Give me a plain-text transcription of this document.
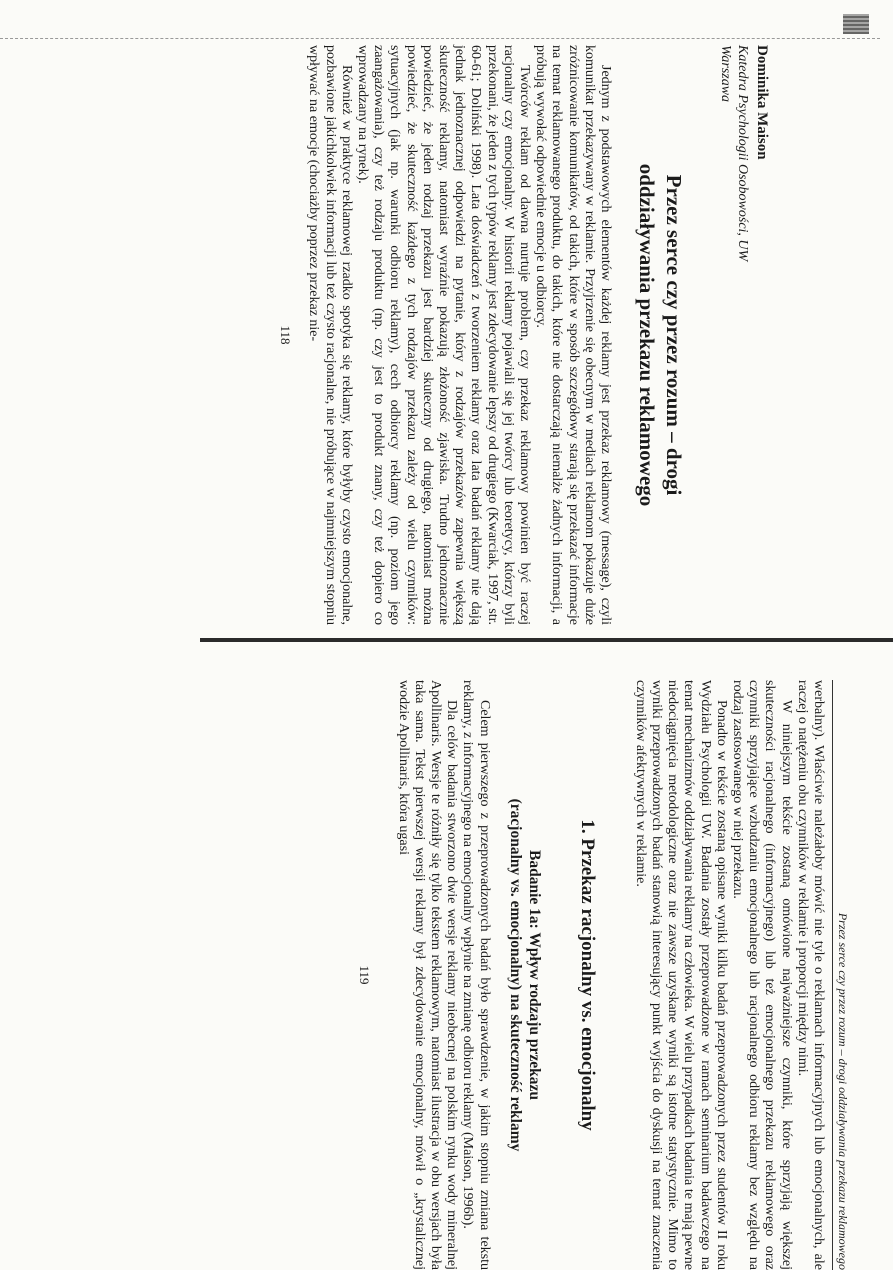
Dominika Maison

Katedra Psychologii Osobowości, UW
Warszawa

Przez serce czy przez rozum – drogi
oddziaływania przekazu reklamowego

Jednym z podstawowych elementów każdej reklamy jest przekaz reklamowy (message), czyli komunikat przekazywany w reklamie. Przyjrzenie się obecnym w mediach reklamom pokazuje duże zróżnicowanie komunikatów, od takich, które w sposób szczegółowy starają się przekazać informacje na temat reklamowanego produktu, do takich, które nie dostarczają niemalże żadnych informacji, a próbują wywołać odpowiednie emocje u odbiorcy.

Twórców reklam od dawna nurtuje problem, czy przekaz reklamowy powinien być raczej racjonalny czy emocjonalny. W historii reklamy pojawiali się jej twórcy lub teoretycy, którzy byli przekonani, że jeden z tych typów reklamy jest zdecydowanie lepszy od drugiego (Kwarciak, 1997, str. 60-61; Doliński 1998). Lata doświadczeń z tworzeniem reklamy oraz lata badań reklamy nie dają jednak jednoznacznej odpowiedzi na pytanie, który z rodzajów przekazów zapewnia większą skuteczność reklamy, natomiast wyraźnie pokazują złożoność zjawiska. Trudno jednoznacznie powiedzieć, że jeden rodzaj przekazu jest bardziej skuteczny od drugiego, natomiast można powiedzieć, że skuteczność każdego z tych rodzajów przekazu zależy od wielu czynników: sytuacyjnych (jak np. warunki odbioru reklamy), cech odbiorcy reklamy (np. poziom jego zaangażowania), czy też rodzaju produktu (np. czy jest to produkt znany, czy też dopiero co wprowadzany na rynek).

Również w praktyce reklamowej rzadko spotyka się reklamy, które byłyby czysto emocjonalne, pozbawione jakichkolwiek informacji lub też czysto racjonalne, nie próbujące w najmniejszym stopniu wpływać na emocje (chociażby poprzez przekaz nie-

118
Przez serce czy przez rozum – drogi oddziaływania przekazu reklamowego

werbalny). Właściwie należałoby mówić nie tyle o reklamach informacyjnych lub emocjonalnych, ale raczej o natężeniu obu czynników w reklamie i proporcji między nimi.

W niniejszym tekście zostaną omówione najważniejsze czynniki, które sprzyjają większej skuteczności racjonalnego (informacyjnego) lub też emocjonalnego przekazu reklamowego oraz czynniki sprzyjające wzbudzaniu emocjonalnego lub racjonalnego odbioru reklamy bez względu na rodzaj zastosowanego w niej przekazu.

Ponadto w tekście zostaną opisane wyniki kilku badań przeprowadzonych przez studentów II roku Wydziału Psychologii UW. Badania zostały przeprowadzone w ramach seminarium badawczego na temat mechanizmów oddziaływania reklamy na człowieka. W wielu przypadkach badania te mają pewne niedociągnięcia metodologiczne oraz nie zawsze uzyskane wyniki są istotne statystycznie. Mimo to wyniki przeprowadzonych badań stanowią interesujący punkt wyjścia do dyskusji na temat znaczenia czynników afektywnych w reklamie.

1. Przekaz racjonalny vs. emocjonalny
Badanie 1a: Wpływ rodzaju przekazu
(racjonalny vs. emocjonalny) na skuteczność reklamy

Celem pierwszego z przeprowadzonych badań było sprawdzenie, w jakim stopniu zmiana tekstu reklamy, z informacyjnego na emocjonalny wpłynie na zmianę odbioru reklamy (Maison, 1996b).

Dla celów badania stworzono dwie wersje reklamy nieobecnej na polskim rynku wody mineralnej Apollinaris. Wersje te różniły się tylko tekstem reklamowym, natomiast ilustracja w obu wersjach była taka sama. Tekst pierwszej wersji reklamy był zdecydowanie emocjonalny, mówił o „krystalicznej wodzie Apollinaris, która ugasi

119
